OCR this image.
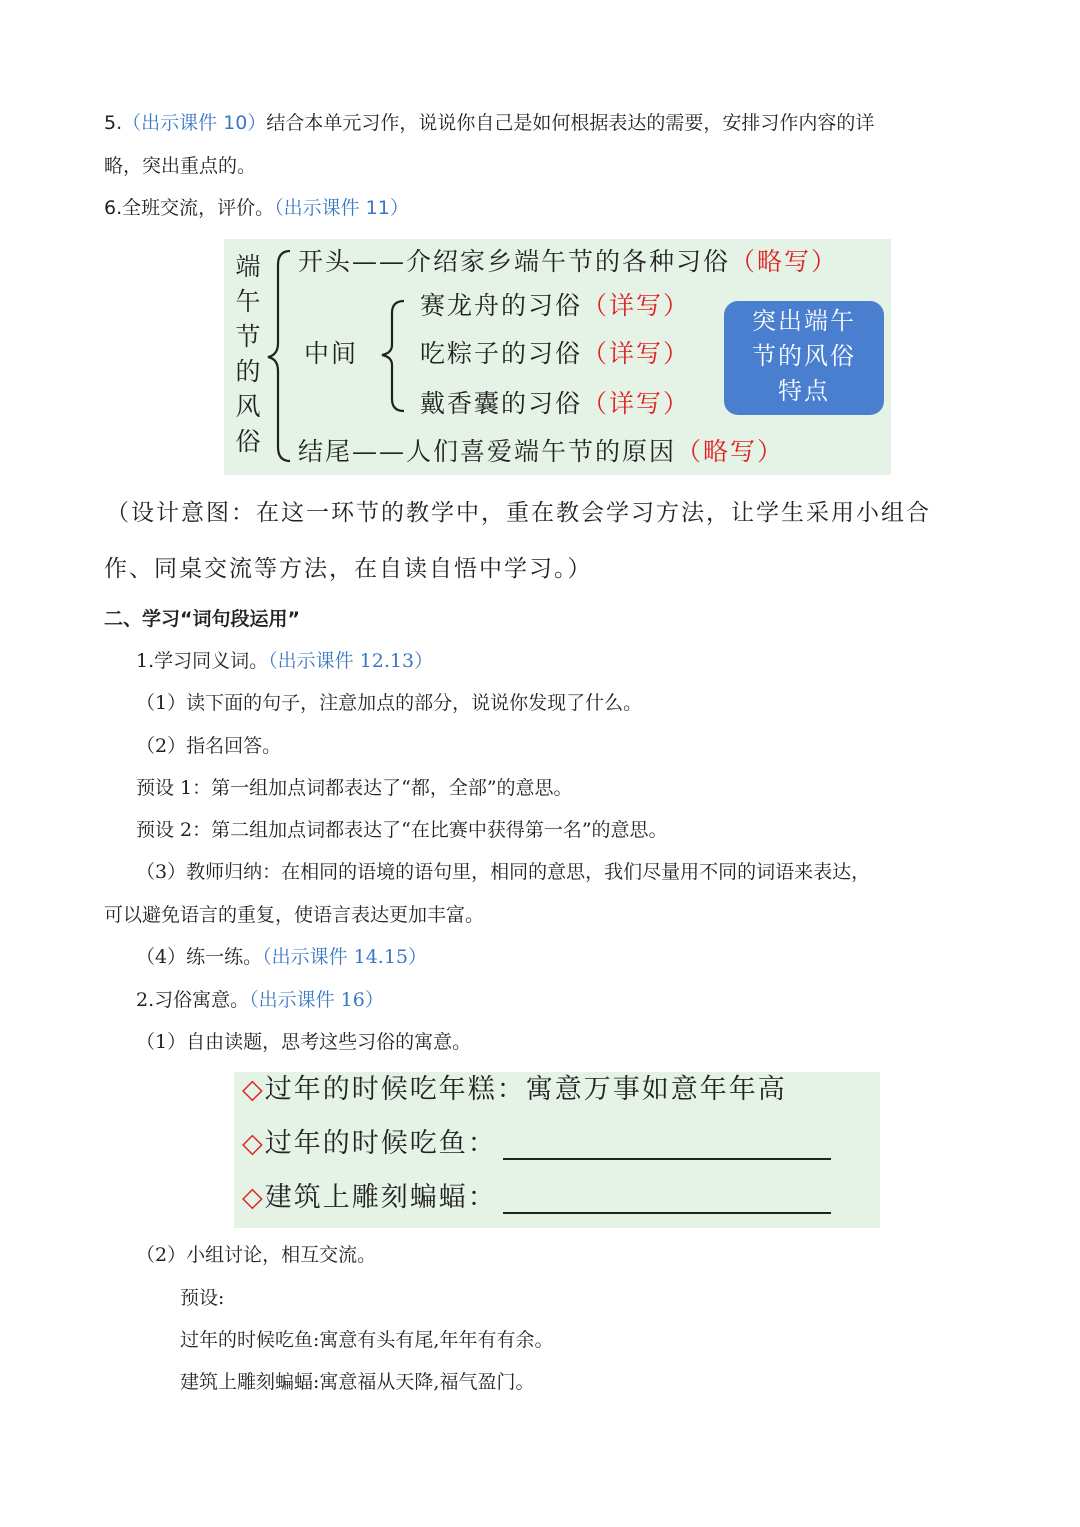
5.（出示课件 10）结合本单元习作，说说你自己是如何根据表达的需要，安排习作内容的详
略，突出重点的。
6.全班交流，评价。（出示课件 11）
端
午
节
的
风
俗
开头——介绍家乡端午节的各种习俗（略写）
中间
赛龙舟的习俗（详写）
吃粽子的习俗（详写）
戴香囊的习俗（详写）
突出端午
节的风俗
特点
结尾——人们喜爱端午节的原因（略写）
（设计意图：在这一环节的教学中，重在教会学习方法，让学生采用小组合
作、同桌交流等方法，在自读自悟中学习。）
二、学习“词句段运用”
1.学习同义词。（出示课件 12.13）
（1）读下面的句子，注意加点的部分，说说你发现了什么。
（2）指名回答。
预设 1：第一组加点词都表达了“都，全部”的意思。
预设 2：第二组加点词都表达了“在比赛中获得第一名”的意思。
（3）教师归纳：在相同的语境的语句里，相同的意思，我们尽量用不同的词语来表达，
可以避免语言的重复，使语言表达更加丰富。
（4）练一练。（出示课件 14.15）
2.习俗寓意。（出示课件 16）
（1）自由读题，思考这些习俗的寓意。
◇过年的时候吃年糕：寓意万事如意年年高
◇过年的时候吃鱼：
◇建筑上雕刻蝙蝠：
（2）小组讨论，相互交流。
预设:
过年的时候吃鱼:寓意有头有尾,年年有有余。
建筑上雕刻蝙蝠:寓意福从天降,福气盈门。
